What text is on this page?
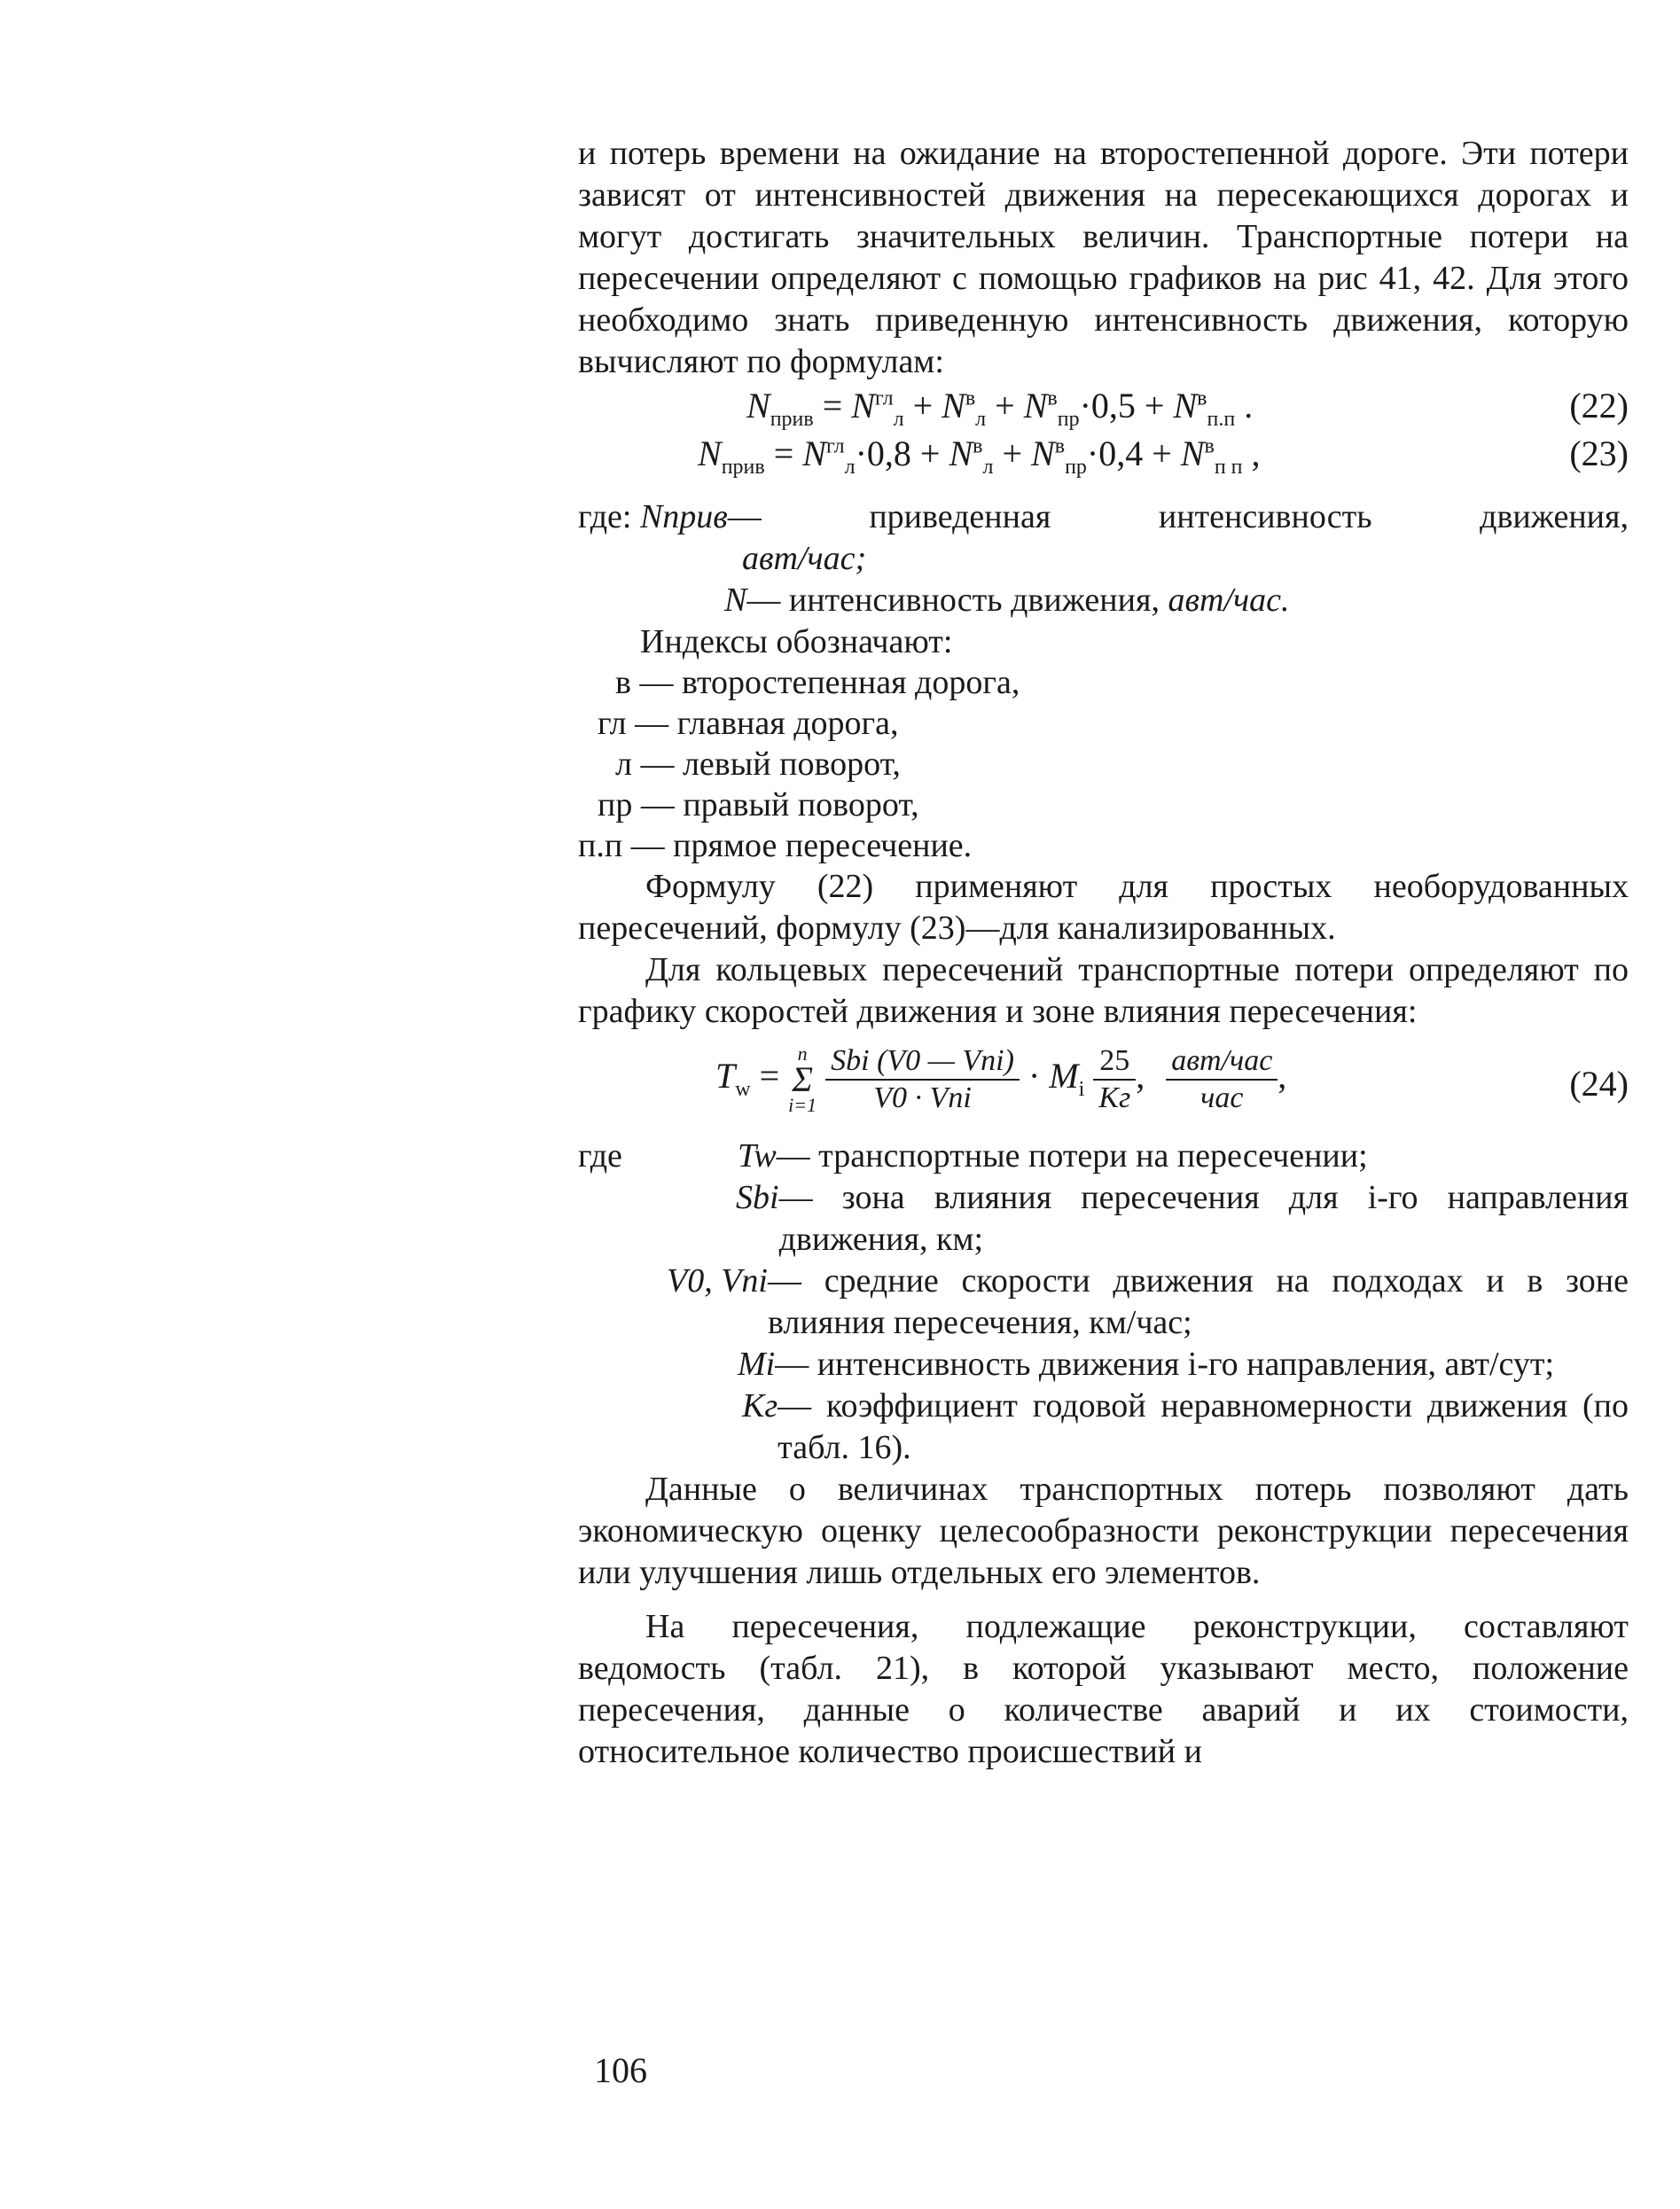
и потерь времени на ожидание на второстепенной дороге. Эти потери зависят от интенсивностей движения на пересекающихся дорогах и могут достигать значительных величин. Транспортные потери на пересечении определяют с помощью графиков на рис 41, 42. Для этого необходимо знать приведенную интенсивность движения, которую вычисляют по формулам:

$N_{прив} = N^{гл}_л + N^в_л + N^в_{пр}\cdot 0,5 + N^в_{п.п}$ .	(22)
$N_{прив} = N^{гл}_л\cdot 0,8 + N^в_л + N^в_{пр}\cdot 0,4 + N^в_{п п}$ ,	(23)
где:
Nприв — приведенная интенсивность движения,
авт/час;
N — интенсивность движения,
авт/час.
Индексы обозначают:
в — второстепенная дорога,
гл — главная дорога,
л — левый поворот,
пр — правый поворот,
п.п — прямое пересечение.

Формулу (22) применяют для простых необорудованных пересечений, формулу (23)—для канализированных.

Для кольцевых пересечений транспортные потери определяют по графику скоростей движения и зоне влияния пересечения:

$T_w = n$
Σ
$i=1 \frac{\text{Sbi (V0 — Vni)}}{\text{V0 · Vni}} \cdot M_i \frac{25}{Kг}$ , $\frac{\text{авт/час}}{\text{час}}$ ,	(24)
где	Tw — транспортные потери на пересечении;
Sbi — зона влияния пересечения для i-го направления движения, км;
V0, Vni — средние скорости движения на подходах и в зоне влияния пересечения, км/час;
Mi — интенсивность движения i-го направления, авт/сут;
Kг — коэффициент годовой неравномерности движения (по табл. 16).

Данные о величинах транспортных потерь позволяют дать экономическую оценку целесообразности реконструкции пересечения или улучшения лишь отдельных его элементов.

На пересечения, подлежащие реконструкции, составляют ведомость (табл. 21), в которой указывают место, положение пересечения, данные о количестве аварий и их стоимости, относительное количество происшествий и

106
